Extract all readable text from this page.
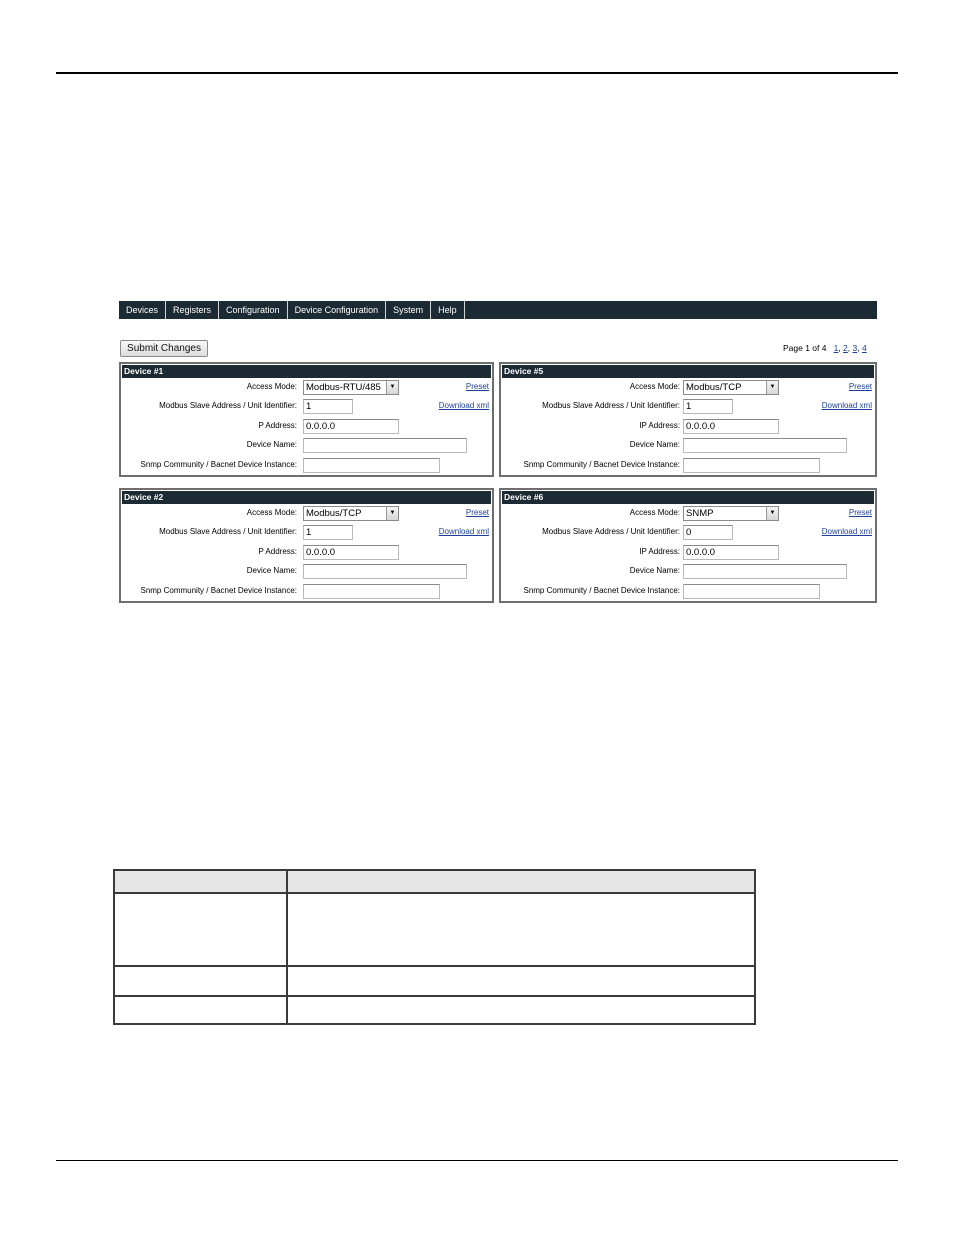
Devices	Registers	Configuration	Device Configuration	System	Help
Submit Changes	Page 1 of 4 1, 2, 3, 4
Device #1
Access Mode: Modbus-RTU/485	▼	Preset
Modbus Slave Address / Unit Identifier: 1	Download xml
P Address: 0.0.0.0
Device Name:
Snmp Community / Bacnet Device Instance:
Device #5
Access Mode: Modbus/TCP	▼	Preset
Modbus Slave Address / Unit Identifier: 1	Download xml
IP Address: 0.0.0.0
Device Name:
Snmp Community / Bacnet Device Instance:
Device #2
Access Mode: Modbus/TCP	▼	Preset
Modbus Slave Address / Unit Identifier: 1	Download xml
P Address: 0.0.0.0
Device Name:
Snmp Community / Bacnet Device Instance:
Device #6
Access Mode: SNMP	▼	Preset
Modbus Slave Address / Unit Identifier: 0	Download xml
IP Address: 0.0.0.0
Device Name:
Snmp Community / Bacnet Device Instance:
